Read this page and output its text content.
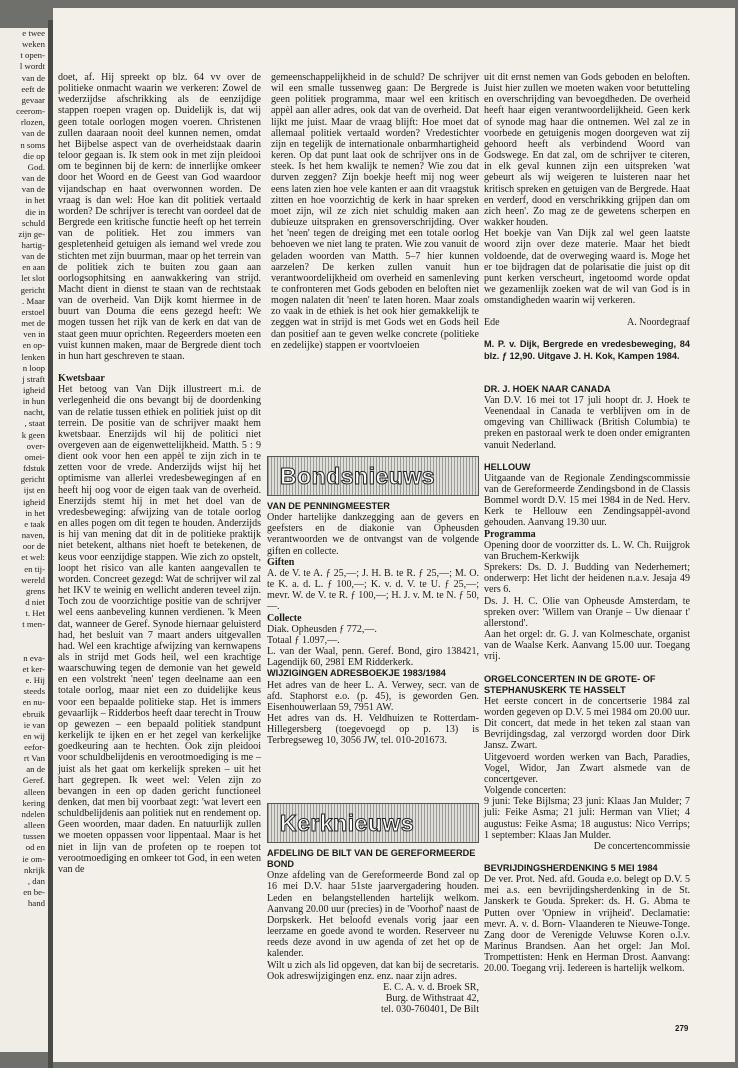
e twee

weken

t open-

l wordt

van de

eeft de

gevaar

ceerom-

rlozen,

van de

n soms

die op

God.

van de

van de

in het

die in

schuld

zijn ge-

hartig-

van de

en aan

let slot

gericht

. Maar

erstoel

met de

ven in

en op-

lenken

n loop

j straft

igheid

in hun

nacht,

, staat

k geen

over-

omei-

fdstuk

gericht

ijst en

igheid

in het

e taak

naven,

oor de

et wel:

en tij-

wereld

grens

d niet

t. Het

t men-

n eva-

et ker-

e. Hij

steeds

en nu-

ebruik

ie van

en wij

eefor-

rt Van

an de

Geref.

alleen

kering

ndelen

alleen

tussen

od en

ie om-

nkrijk

, dan

en be-

hand

doet, af. Hij spreekt op blz. 64 vv over de politieke onmacht waarin we verkeren: Zowel de wederzijdse afschrikking als de eenzijdige stappen roepen vragen op. Duidelijk is, dat wij geen totale oorlogen mogen voeren. Christenen zullen daaraan nooit deel kunnen nemen, omdat het Bijbelse aspect van de overheidstaak daarin teloor gegaan is. Ik stem ook in met zijn pleidooi om te beginnen bij de kern: de innerlijke omkeer door het Woord en de Geest van God waardoor vijandschap en haat overwonnen worden. De vraag is dan wel: Hoe kan dit politiek vertaald worden? De schrijver is terecht van oordeel dat de Bergrede een kritische functie heeft op het terrein van de politiek. Het zou immers van gespletenheid getuigen als iemand wel vrede zou stichten met zijn buurman, maar op het terrein van de politiek zich te buiten zou gaan aan oorlogsophitsing en aanwakkering van strijd. Macht dient in dienst te staan van de rechtstaak van de overheid. Van Dijk komt hiermee in de buurt van Douma die eens gezegd heeft: We mogen tussen het rijk van de kerk en dat van de staat geen muur oprichten. Regeerders moeten een vuist kunnen maken, maar de Bergrede dient toch in hun hart geschreven te staan.

Kwetsbaar

Het betoog van Van Dijk illustreert m.i. de verlegenheid die ons bevangt bij de doordenking van de relatie tussen ethiek en politiek juist op dit terrein. De positie van de schrijver maakt hem kwetsbaar. Enerzijds wil hij de politici niet overgeven aan de eigenwettelijkheid. Matth. 5 : 9 dient ook voor hen een appèl te zijn zich in te zetten voor de vrede. Anderzijds wijst hij het optimisme van allerlei vredesbewegingen af en heeft hij oog voor de eigen taak van de overheid. Enerzijds stemt hij in met het doel van de vredesbeweging: afwijzing van de totale oorlog en alles pogen om dit tegen te houden. Anderzijds is hij van mening dat dit in de politieke praktijk niet betekent, althans niet hoeft te betekenen, de keus voor eenzijdige stappen. Wie zich zo opstelt, loopt het risico van alle kanten aangevallen te worden. Concreet gezegd: Wat de schrijver wil zal het IKV te weinig en wellicht anderen teveel zijn. Toch zou de voorzichtige positie van de schrijver wel eens aanbeveling kunnen verdienen. 'k Meen dat, wanneer de Geref. Synode hiernaar geluisterd had, het besluit van 7 maart anders uitgevallen had. Wel een krachtige afwijzing van kernwapens als in strijd met Gods heil, wel een krachtige waarschuwing tegen de demonie van het geweld en een volstrekt 'neen' tegen deelname aan een totale oorlog, maar niet een zo duidelijke keus voor een bepaalde politieke stap. Het is immers gevaarlijk – Ridderbos heeft daar terecht in Trouw op gewezen – een bepaald politiek standpunt kerkelijk te ijken en er het zegel van kerkelijke goedkeuring aan te hechten. Ook zijn pleidooi voor schuldbelijdenis en verootmoediging is me – juist als het gaat om kerkelijk spreken – uit het hart gegrepen. Ik weet wel: Velen zijn zo bevangen in een op daden gericht functioneel denken, dat men bij voorbaat zegt: 'wat levert een schuldbelijdenis aan politiek nut en rendement op. Geen woorden, maar daden. En natuurlijk zullen we moeten oppassen voor lippentaal. Maar is het niet in lijn van de profeten op te roepen tot verootmoediging en omkeer tot God, in een weten van de

gemeenschappelijkheid in de schuld? De schrijver wil een smalle tussenweg gaan: De Bergrede is geen politiek programma, maar wel een kritisch appèl aan aller adres, ook dat van de overheid. Dat lijkt me juist. Maar de vraag blijft: Hoe moet dat allemaal politiek vertaald worden? Vredestichter zijn en tegelijk de internationale onbarmhartigheid keren. Op dat punt laat ook de schrijver ons in de steek. Is het hem kwalijk te nemen? Wie zou dat durven zeggen? Zijn boekje heeft mij nog weer eens laten zien hoe vele kanten er aan dit vraagstuk zitten en hoe voorzichtig de kerk in haar spreken moet zijn, wil ze zich niet schuldig maken aan dubieuze uitspraken en grensoverschrijding. Over het 'neen' tegen de dreiging met een totale oorlog behoeven we niet lang te praten. Wie zou vanuit de geladen woorden van Matth. 5–7 hier kunnen aarzelen? De kerken zullen vanuit hun verantwoordelijkheid om overheid en samenleving te confronteren met Gods geboden en beloften niet mogen nalaten dit 'neen' te laten horen. Maar zoals zo vaak in de ethiek is het ook hier gemakkelijk te zeggen wat in strijd is met Gods wet en Gods heil dan positief aan te geven welke concrete (politieke en zedelijke) stappen er voortvloeien

Bondsnieuws
VAN DE PENNINGMEESTER

Onder hartelijke dankzegging aan de gevers en geefsters en de diakonie van Opheusden verantwoorden we de ontvangst van de volgende giften en collecte.

Giften

A. de V. te A. ƒ 25,—; J. H. B. te R. ƒ 25,—; M. O. te K. a. d. L. ƒ 100,—; K. v. d. V. te U. ƒ 25,—; mevr. W. de V. te R. ƒ 100,—; H. J. v. M. te N. ƒ 50,—.

Collecte

Diak. Opheusden ƒ 772,—.
Totaal ƒ 1.097,—.
L. van der Waal, penn. Geref. Bond, giro 138421, Lagendijk 60, 2981 EM Ridderkerk.

WIJZIGINGEN ADRESBOEKJE 1983/1984

Het adres van de heer L. A. Verwey, secr. van de afd. Staphorst e.o. (p. 45), is geworden Gen. Eisenhouwerlaan 59, 7951 AW.
Het adres van ds. H. Veldhuizen te Rotterdam-Hillegersberg (toegevoegd op p. 13) is Terbregseweg 10, 3056 JW, tel. 010-201673.

Kerknieuws
AFDELING DE BILT VAN DE GEREFORMEERDE BOND

Onze afdeling van de Gereformeerde Bond zal op 16 mei D.V. haar 51ste jaarvergadering houden. Leden en belangstellenden hartelijk welkom. Aanvang 20.00 uur (precies) in de 'Voorhof' naast de Dorpskerk. Het beloofd evenals vorig jaar een leerzame en goede avond te worden. Reserveer nu reeds deze avond in uw agenda of zet het op de kalender.
Wilt u zich als lid opgeven, dat kan bij de secretaris. Ook adreswijzigingen enz. enz. naar zijn adres.

E. C. A. v. d. Broek SR,

Burg. de Withstraat 42,

tel. 030-760401, De Bilt

uit dit ernst nemen van Gods geboden en beloften. Juist hier zullen we moeten waken voor betutteling en overschrijding van bevoegdheden. De overheid heeft haar eigen verantwoordelijkheid. Geen kerk of synode mag haar die ontnemen. Wel zal ze in voorbede en getuigenis mogen doorgeven wat zij gehoord heeft als verbindend Woord van Godswege. En dat zal, om de schrijver te citeren, in elk geval kunnen zijn een uitspreken 'wat gebeurt als wij weigeren te luisteren naar het kritisch spreken en getuigen van de Bergrede. Haat en verderf, dood en verschrikking grijpen dan om zich heen'. Zo mag ze de gewetens scherpen en wakker houden.

Het boekje van Van Dijk zal wel geen laatste woord zijn over deze materie. Maar het biedt voldoende, dat de overweging waard is. Moge het er toe bijdragen dat de polarisatie die juist op dit punt kerken verscheurt, ingetoomd worde opdat we gezamenlijk zoeken wat de wil van God is in omstandigheden waarin wij verkeren.

Ede	A. Noordegraaf

M. P. v. Dijk, Bergrede en vredesbeweging, 84 blz. ƒ 12,90. Uitgave J. H. Kok, Kampen 1984.

DR. J. HOEK NAAR CANADA

Van D.V. 16 mei tot 17 juli hoopt dr. J. Hoek te Veenendaal in Canada te verblijven om in de omgeving van Chilliwack (British Columbia) te preken en pastoraal werk te doen onder emigranten vanuit Nederland.

HELLOUW

Uitgaande van de Regionale Zendingscommissie van de Gereformeerde Zendingsbond in de Classis Bommel wordt D.V. 15 mei 1984 in de Ned. Herv. Kerk te Hellouw een Zendingsappèl-avond gehouden. Aanvang 19.30 uur.

Programma

Opening door de voorzitter ds. L. W. Ch. Ruijgrok van Bruchem-Kerkwijk
Sprekers: Ds. D. J. Budding van Nederhemert; onderwerp: Het licht der heidenen n.a.v. Jesaja 49 vers 6.
Ds. J. H. C. Olie van Opheusde Amsterdam, te spreken over: 'Willem van Oranje – Uw dienaar t' allerstond'.
Aan het orgel: dr. G. J. van Kolmeschate, organist van de Waalse Kerk. Aanvang 15.00 uur. Toegang vrij.

ORGELCONCERTEN IN DE GROTE- OF STEPHANUSKERK TE HASSELT

Het eerste concert in de concertserie 1984 zal worden gegeven op D.V. 5 mei 1984 om 20.00 uur. Dit concert, dat mede in het teken zal staan van Bevrijdingsdag, zal verzorgd worden door Dirk Jansz. Zwart.
Uitgevoerd worden werken van Bach, Paradies, Vogel, Widor, Jan Zwart alsmede van de concertgever.
Volgende concerten:
9 juni: Teke Bijlsma; 23 juni: Klaas Jan Mulder; 7 juli: Feike Asma; 21 juli: Herman van Vliet; 4 augustus: Feike Asma; 18 augustus: Nico Verrips; 1 september: Klaas Jan Mulder.

De concertencommissie

BEVRIJDINGSHERDENKING 5 MEI 1984

De ver. Prot. Ned. afd. Gouda e.o. belegt op D.V. 5 mei a.s. een bevrijdingsherdenking in de St. Janskerk te Gouda. Spreker: ds. H. G. Abma te Putten over 'Opniew in vrijheid'. Declamatie: mevr. A. v. d. Born- Vlaanderen te Nieuwe-Tonge. Zang door de Verenigde Veluwse Koren o.l.v. Marinus Brandsen. Aan het orgel: Jan Mol. Trompettisten: Henk en Herman Drost. Aanvang: 20.00. Toegang vrij. Iedereen is hartelijk welkom.

279
